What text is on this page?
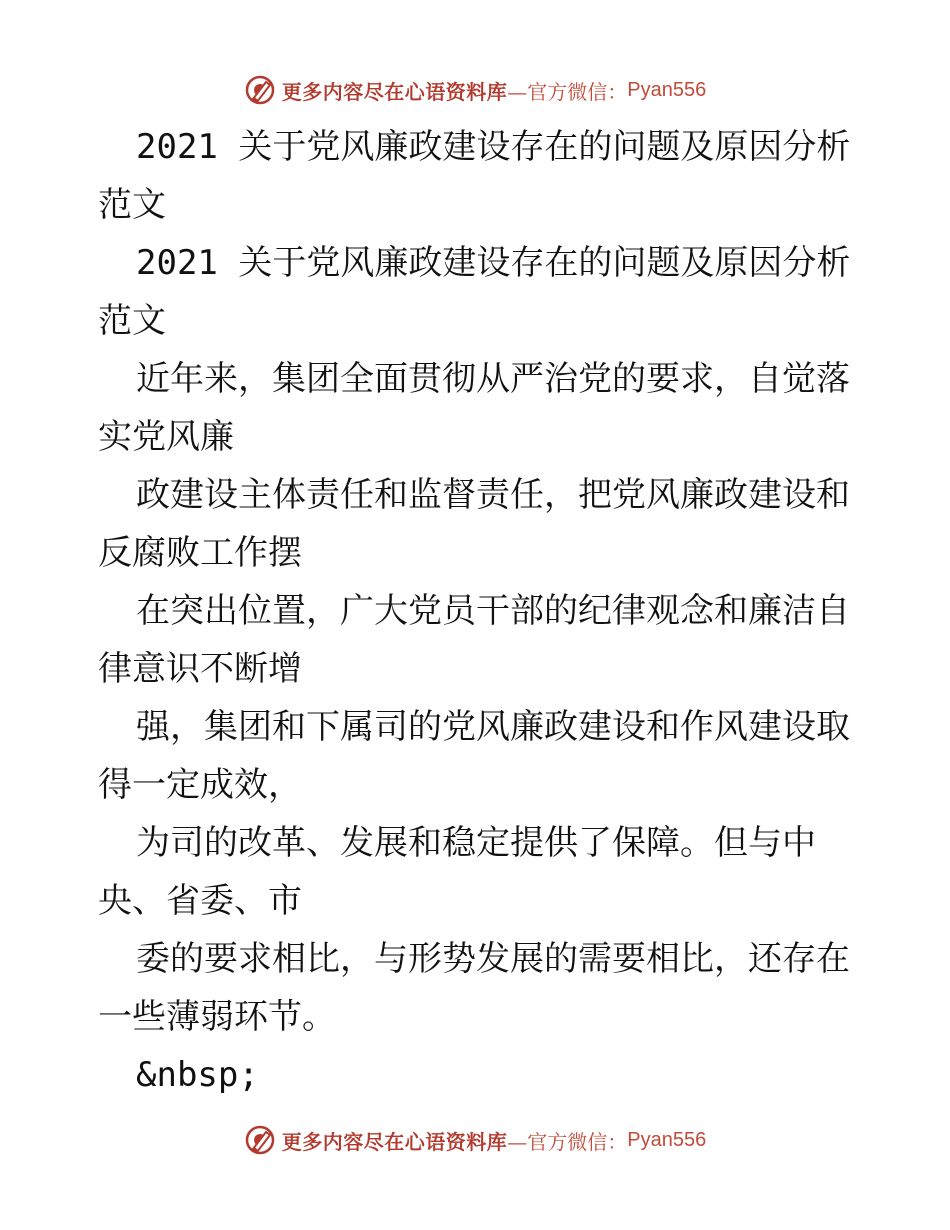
更多内容尽在心语资料库 —官方微信： Pyan556

2021 关于党风廉政建设存在的问题及原因分析范文

2021 关于党风廉政建设存在的问题及原因分析范文

近年来，集团全面贯彻从严治党的要求，自觉落实党风廉

政建设主体责任和监督责任，把党风廉政建设和反腐败工作摆

在突出位置，广大党员干部的纪律观念和廉洁自律意识不断增

强，集团和下属司的党风廉政建设和作风建设取得一定成效，

为司的改革、发展和稳定提供了保障。但与中央、省委、市

委的要求相比，与形势发展的需要相比，还存在一些薄弱环节。

&nbsp;

更多内容尽在心语资料库 —官方微信： Pyan556
